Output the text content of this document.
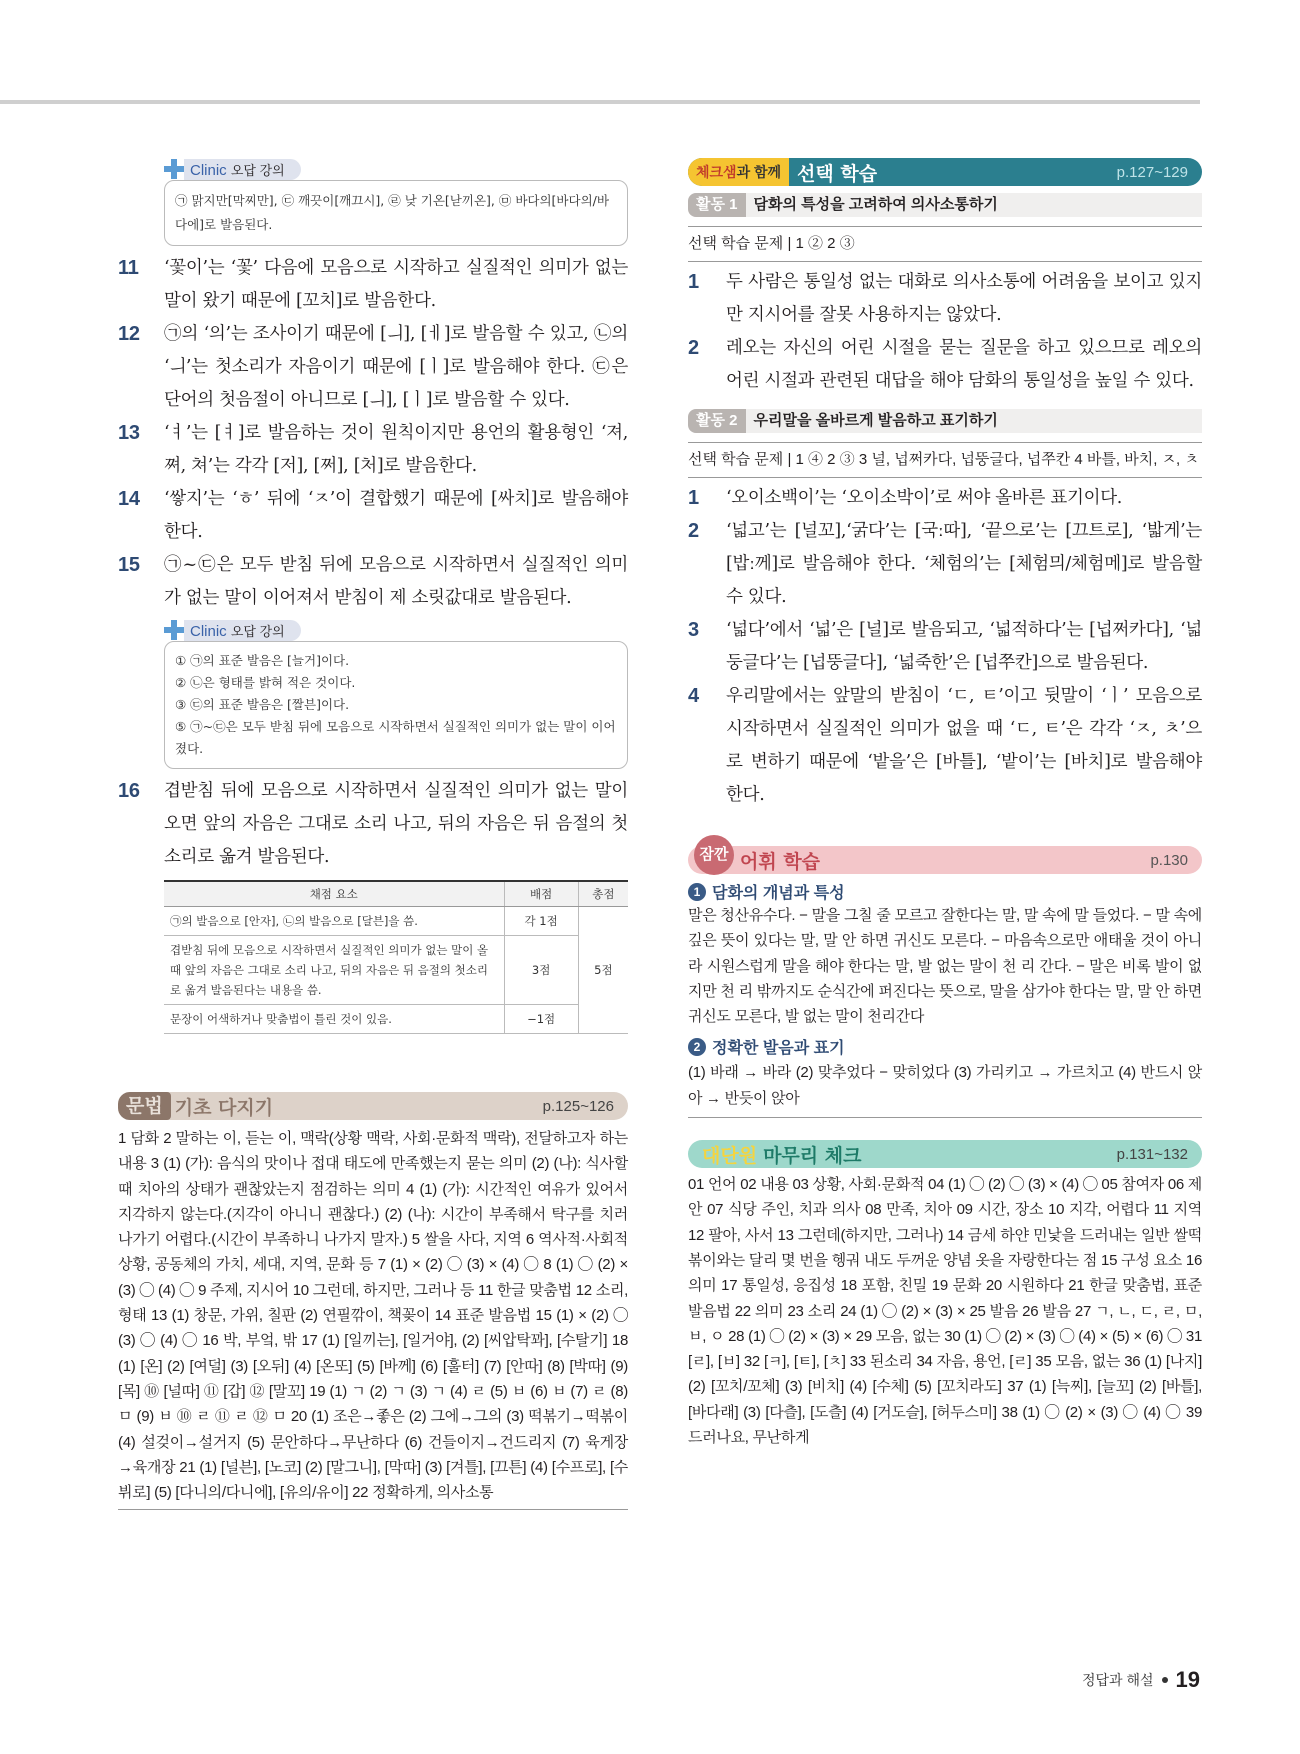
Clinic 오답 강의
㉠ 맑지만[막찌만], ㉢ 깨끗이[깨끄시], ㉣ 낮 기온[낟끼온], ㉤ 바다의[바다의/바다에]로 발음된다.
11	‘꽃이’는 ‘꽃’ 다음에 모음으로 시작하고 실질적인 의미가 없는 말이 왔기 때문에 [꼬치]로 발음한다.
12	㉠의 ‘의’는 조사이기 때문에 [ㅢ], [ㅔ]로 발음할 수 있고, ㉡의 ‘ㅢ’는 첫소리가 자음이기 때문에 [ㅣ]로 발음해야 한다. ㉢은 단어의 첫음절이 아니므로 [ㅢ], [ㅣ]로 발음할 수 있다.
13	‘ㅕ’는 [ㅕ]로 발음하는 것이 원칙이지만 용언의 활용형인 ‘져, 쪄, 쳐’는 각각 [저], [쩌], [처]로 발음한다.
14	‘쌓지’는 ‘ㅎ’ 뒤에 ‘ㅈ’이 결합했기 때문에 [싸치]로 발음해야 한다.
15	㉠~㉢은 모두 받침 뒤에 모음으로 시작하면서 실질적인 의미가 없는 말이 이어져서 받침이 제 소릿값대로 발음된다.
Clinic 오답 강의
① ㉠의 표준 발음은 [늘거]이다.
② ㉡은 형태를 밝혀 적은 것이다.
③ ㉢의 표준 발음은 [짤븐]이다.
⑤ ㉠~㉢은 모두 받침 뒤에 모음으로 시작하면서 실질적인 의미가 없는 말이 이어졌다.
16	겹받침 뒤에 모음으로 시작하면서 실질적인 의미가 없는 말이 오면 앞의 자음은 그대로 소리 나고, 뒤의 자음은 뒤 음절의 첫소리로 옮겨 발음된다.
채점 요소	배점	총점
㉠의 발음으로 [안자], ㉡의 발음으로 [달븐]을 씀.	각 1점	5점
겹받침 뒤에 모음으로 시작하면서 실질적인 의미가 없는 말이 올 때 앞의 자음은 그대로 소리 나고, 뒤의 자음은 뒤 음절의 첫소리로 옮겨 발음된다는 내용을 씀.	3점	
문장이 어색하거나 맞춤법이 틀린 것이 있음.	−1점	
문법 기초 다지기	p.125~126
1 담화 2 말하는 이, 듣는 이, 맥락(상황 맥락, 사회·문화적 맥락), 전달하고자 하는 내용 3 (1) (가): 음식의 맛이나 접대 태도에 만족했는지 묻는 의미 (2) (나): 식사할 때 치아의 상태가 괜찮았는지 점검하는 의미 4 (1) (가): 시간적인 여유가 있어서 지각하지 않는다.(지각이 아니니 괜찮다.) (2) (나): 시간이 부족해서 탁구를 치러 나가기 어렵다.(시간이 부족하니 나가지 말자.) 5 쌀을 사다, 지역 6 역사적·사회적 상황, 공동체의 가치, 세대, 지역, 문화 등 7 (1) × (2) ◯ (3) × (4) ◯ 8 (1) ◯ (2) × (3) ◯ (4) ◯ 9 주제, 지시어 10 그런데, 하지만, 그러나 등 11 한글 맞춤법 12 소리, 형태 13 (1) 창문, 가위, 칠판 (2) 연필깎이, 책꽂이 14 표준 발음법 15 (1) × (2) ◯ (3) ◯ (4) ◯ 16 박, 부엌, 밖 17 (1) [일끼는], [일거야], (2) [씨압탁꽈], [수탈기] 18 (1) [온] (2) [여덜] (3) [오뒤] (4) [온또] (5) [바께] (6) [훌터] (7) [안따] (8) [박따] (9) [목] ⑩ [널따] ⑪ [갑] ⑫ [말꼬] 19 (1) ㄱ (2) ㄱ (3) ㄱ (4) ㄹ (5) ㅂ (6) ㅂ (7) ㄹ (8) ㅁ (9) ㅂ ⑩ ㄹ ⑪ ㄹ ⑫ ㅁ 20 (1) 조은→좋은 (2) 그에→그의 (3) 떡볶기→떡볶이 (4) 설겆이→설거지 (5) 문안하다→무난하다 (6) 건들이지→건드리지 (7) 육게장→육개장 21 (1) [널븐], [노코] (2) [말그니], [막따] (3) [겨틀], [끄튼] (4) [수프로], [수뷔로] (5) [다니의/다니에], [유의/유이] 22 정확하게, 의사소통
체크샘과 함께 선택 학습	p.127~129
활동 1	담화의 특성을 고려하여 의사소통하기
선택 학습 문제 | 1 ② 2 ③
1	두 사람은 통일성 없는 대화로 의사소통에 어려움을 보이고 있지만 지시어를 잘못 사용하지는 않았다.
2	레오는 자신의 어린 시절을 묻는 질문을 하고 있으므로 레오의 어린 시절과 관련된 대답을 해야 담화의 통일성을 높일 수 있다.
활동 2	우리말을 올바르게 발음하고 표기하기
선택 학습 문제 | 1 ④ 2 ③ 3 널, 넙쩌카다, 넙뚱글다, 넙쭈칸 4 바틀, 바치, ㅈ, ㅊ
1	‘오이소백이’는 ‘오이소박이’로 써야 올바른 표기이다.
2	‘넓고’는 [널꼬],‘굵다’는 [국ː따], ‘끝으로’는 [끄트로], ‘밟게’는 [밥ː께]로 발음해야 한다. ‘체험의’는 [체험믜/체험메]로 발음할 수 있다.
3	‘넓다’에서 ‘넓’은 [널]로 발음되고, ‘넓적하다’는 [넙쩌카다], ‘넓둥글다’는 [넙뚱글다], ‘넓죽한’은 [넙쭈칸]으로 발음된다.
4	우리말에서는 앞말의 받침이 ‘ㄷ, ㅌ’이고 뒷말이 ‘ㅣ’ 모음으로 시작하면서 실질적인 의미가 없을 때 ‘ㄷ, ㅌ’은 각각 ‘ㅈ, ㅊ’으로 변하기 때문에 ‘밭을’은 [바틀], ‘밭이’는 [바치]로 발음해야 한다.
잠깐 어휘 학습	p.130
1 담화의 개념과 특성
말은 청산유수다. − 말을 그칠 줄 모르고 잘한다는 말, 말 속에 말 들었다. − 말 속에 깊은 뜻이 있다는 말, 말 안 하면 귀신도 모른다. − 마음속으로만 애태울 것이 아니라 시원스럽게 말을 해야 한다는 말, 발 없는 말이 천 리 간다. − 말은 비록 발이 없지만 천 리 밖까지도 순식간에 퍼진다는 뜻으로, 말을 삼가야 한다는 말, 말 안 하면 귀신도 모른다, 발 없는 말이 천리간다
2 정확한 발음과 표기
(1) 바래 → 바라 (2) 맞추었다 − 맞히었다 (3) 가리키고 → 가르치고 (4) 반드시 앉아 → 반듯이 앉아
대단원 마무리 체크	p.131~132
01 언어 02 내용 03 상황, 사회·문화적 04 (1) ◯ (2) ◯ (3) × (4) ◯ 05 참여자 06 제안 07 식당 주인, 치과 의사 08 만족, 치아 09 시간, 장소 10 지각, 어렵다 11 지역 12 팔아, 사서 13 그런데(하지만, 그러나) 14 금세 하얀 민낯을 드러내는 일반 쌀떡볶이와는 달리 몇 번을 헹궈 내도 두꺼운 양념 옷을 자랑한다는 점 15 구성 요소 16 의미 17 통일성, 응집성 18 포함, 친밀 19 문화 20 시원하다 21 한글 맞춤법, 표준 발음법 22 의미 23 소리 24 (1) ◯ (2) × (3) × 25 발음 26 발음 27 ㄱ, ㄴ, ㄷ, ㄹ, ㅁ, ㅂ, ㅇ 28 (1) ◯ (2) × (3) × 29 모음, 없는 30 (1) ◯ (2) × (3) ◯ (4) × (5) × (6) ◯ 31 [ㄹ], [ㅂ] 32 [ㅋ], [ㅌ], [ㅊ] 33 된소리 34 자음, 용언, [ㄹ] 35 모음, 없는 36 (1) [나지] (2) [꼬치/꼬체] (3) [비치] (4) [수체] (5) [꼬치라도] 37 (1) [늑찌], [늘꼬] (2) [바틀], [바다래] (3) [다츨], [도츨] (4) [거도슬], [허두스미] 38 (1) ◯ (2) × (3) ◯ (4) ◯ 39 드러나요, 무난하게
정답과 해설 19
